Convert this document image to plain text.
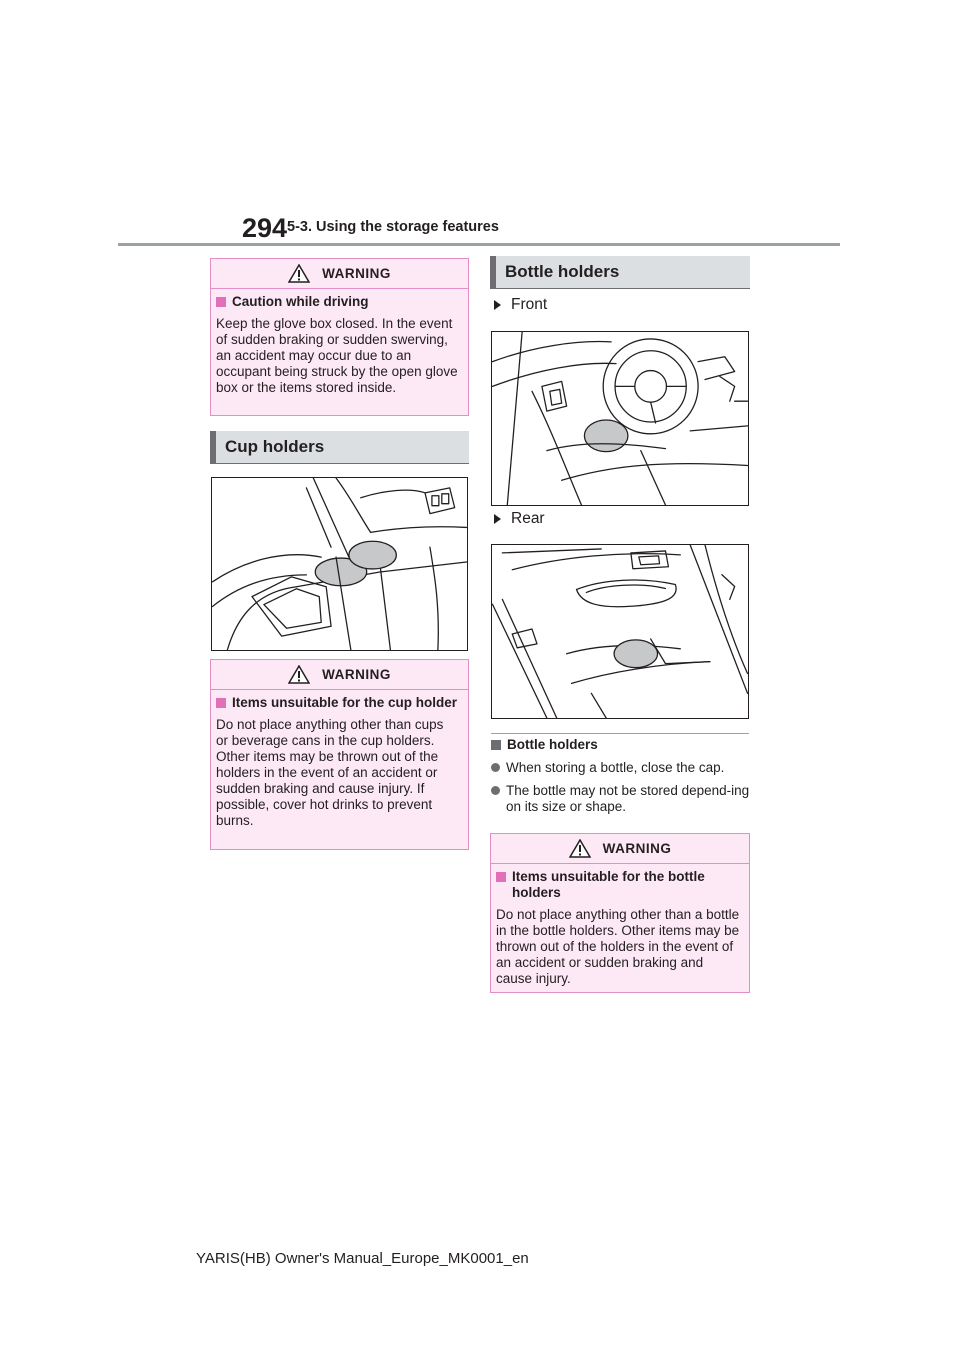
294 5-3. Using the storage features
WARNING
Caution while driving

Keep the glove box closed. In the event of sudden braking or sudden swerving, an accident may occur due to an occupant being struck by the open glove box or the items stored inside.

Cup holders
WARNING
Items unsuitable for the cup holder

Do not place anything other than cups or beverage cans in the cup holders. Other items may be thrown out of the holders in the event of an accident or sudden braking and cause injury. If possible, cover hot drinks to prevent burns.

Bottle holders
Front
Rear
Bottle holders
When storing a bottle, close the cap.
The bottle may not be stored depend-ing on its size or shape.
WARNING
Items unsuitable for the bottle holders

Do not place anything other than a bottle in the bottle holders. Other items may be thrown out of the holders in the event of an accident or sudden braking and cause injury.

YARIS(HB) Owner's Manual_Europe_MK0001_en
